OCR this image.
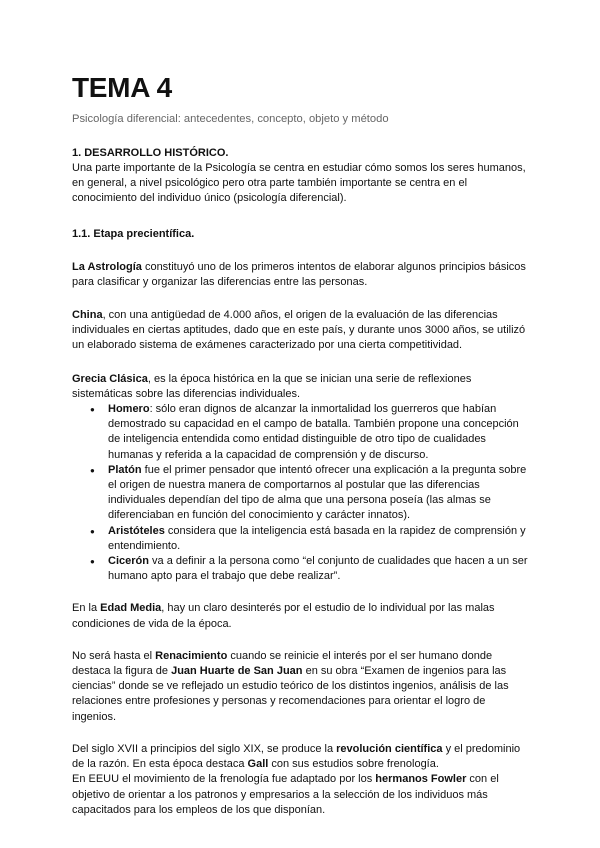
TEMA 4
Psicología diferencial: antecedentes, concepto, objeto y método
1. DESARROLLO HISTÓRICO.

Una parte importante de la Psicología se centra en estudiar cómo somos los seres humanos, en general, a nivel psicológico pero otra parte también importante se centra en el conocimiento del individuo único (psicología diferencial).

1.1. Etapa precientífica.

La Astrología constituyó uno de los primeros intentos de elaborar algunos principios básicos para clasificar y organizar las diferencias entre las personas.

China, con una antigüedad de 4.000 años, el origen de la evaluación de las diferencias individuales en ciertas aptitudes, dado que en este país, y durante unos 3000 años, se utilizó un elaborado sistema de exámenes caracterizado por una cierta competitividad.

Grecia Clásica, es la época histórica en la que se inician una serie de reflexiones sistemáticas sobre las diferencias individuales.

● Homero: sólo eran dignos de alcanzar la inmortalidad los guerreros que habían demostrado su capacidad en el campo de batalla. También propone una concepción de inteligencia entendida como entidad distinguible de otro tipo de cualidades humanas y referida a la capacidad de comprensión y de discurso.
● Platón fue el primer pensador que intentó ofrecer una explicación a la pregunta sobre el origen de nuestra manera de comportarnos al postular que las diferencias individuales dependían del tipo de alma que una persona poseía (las almas se diferenciaban en función del conocimiento y carácter innatos).
● Aristóteles considera que la inteligencia está basada en la rapidez de comprensión y entendimiento.
● Cicerón va a definir a la persona como “el conjunto de cualidades que hacen a un ser humano apto para el trabajo que debe realizar”.

En la Edad Media, hay un claro desinterés por el estudio de lo individual por las malas condiciones de vida de la época.

No será hasta el Renacimiento cuando se reinicie el interés por el ser humano donde destaca la figura de Juan Huarte de San Juan en su obra “Examen de ingenios para las ciencias” donde se ve reflejado un estudio teórico de los distintos ingenios, análisis de las relaciones entre profesiones y personas y recomendaciones para orientar el logro de ingenios.

Del siglo XVII a principios del siglo XIX, se produce la revolución científica y el predominio de la razón. En esta época destaca Gall con sus estudios sobre frenología.

En EEUU el movimiento de la frenología fue adaptado por los hermanos Fowler con el objetivo de orientar a los patronos y empresarios a la selección de los individuos más capacitados para los empleos de los que disponían.
